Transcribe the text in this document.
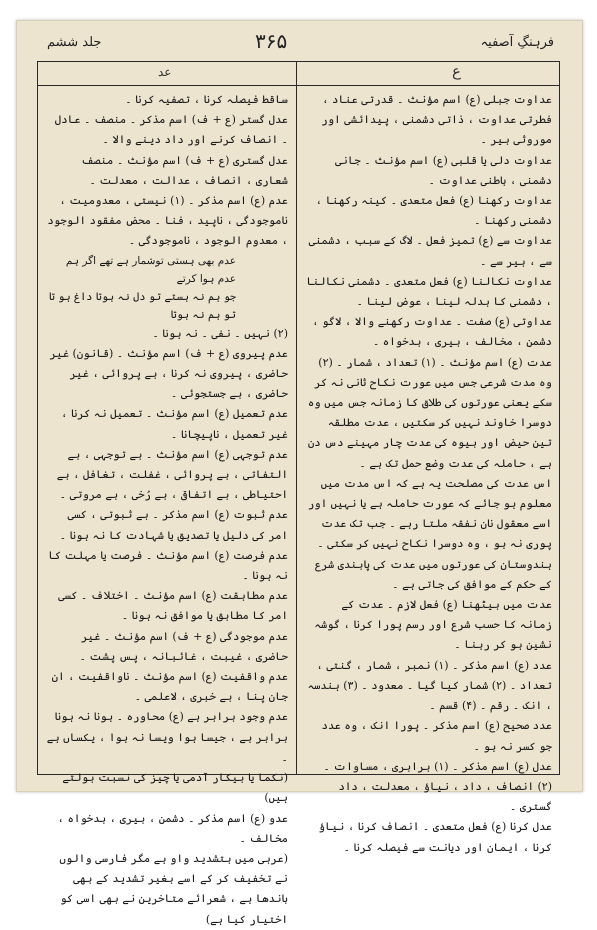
جلد ششم	۳۶۵	فرہنگِ آصفیہ
عد	ع

ساقط فیصلہ کرنا ، تصفیہ کرنا ۔

عدل گستر (ع + ف) اسم مذکر ۔ منصف ۔ عادل ۔ انصاف کرنے اور داد دینے والا ۔

عدل گستری (ع + ف) اسم مؤنث ۔ منصف شعاری ، انصاف ، عدالت ، معدلت ۔

عدم (ع) اسم مذکر ۔ (۱) نیستی ، معدومیت ، ناموجودگی ، ناپید ، فنا ۔ محض مفقود الوجود ، معدوم الوجود ، ناموجودگی ۔

عدم بھی ہستی توشمار ہے تھے اگر ہم عدم ہوا کرتے

جو ہم نہ ہستے تو دل نہ ہوتا داغ ہو تا تو ہم نہ ہوتا

(۲) نہیں ۔ نفی ۔ نہ ہونا ۔

عدم پیروی (ع + ف) اسم مؤنث ۔ (قانون) غیر حاضری ، پیروی نہ کرنا ، بے پروائی ، غیر حاضری ، بے جستجوئی ۔

عدم تعمیل (ع) اسم مؤنث ۔ تعمیل نہ کرنا ، غیر تعمیل ، ناپیچانا ۔

عدم توجہی (ع) اسم مؤنث ۔ بے توجہی ، بے التفاتی ، بے پروائی ، غفلت ، تغافل ، بے احتیاطی ، بے اتفاقی ، بے رُخی ، بے مروتی ۔

عدم ثبوت (ع) اسم مذکر ۔ بے ثبوتی ، کسی امر کی دلیل یا تصدیق یا شہادت کا نہ ہونا ۔

عدم فرصت (ع) اسم مؤنث ۔ فرصت یا مہلت کا نہ ہونا ۔

عدم مطابقت (ع) اسم مؤنث ۔ اختلاف ۔ کسی امر کا مطابق یا موافق نہ ہونا ۔

عدم موجودگی (ع + ف) اسم مؤنث ۔ غیر حاضری ، غیبت ، غائبانہ ، پس پشت ۔

عدم واقفیت (ع) اسم مؤنث ۔ ناواقفیت ، ان جان پنا ، بے خبری ، لاعلمی ۔

عدم وجود برابر ہے (ع) محاورہ ۔ ہونا نہ ہونا برابر ہے ، جیسا ہوا ویسا نہ ہوا ، یکساں ہے ۔

(نکما یا بیکار آدمی یا چیز کی نسبت بولتے ہیں)

عدو (ع) اسم مذکر ۔ دشمن ، بیری ، بدخواہ ، مخالف ۔

(عربی میں بتشدید واو ہے مگر فارسی والوں نے تخفیف کر کے اسے بغیر تشدید کے بھی باندھا ہے ، شعرائے متاخرین نے بھی اسی کو اختیار کیا ہے)

عداوت جبلی (ع) اسم مؤنث ۔ قدرتی عناد ، فطرتی عداوت ، ذاتی دشمنی ، پیدائشی اور موروثی بیر ۔

عداوت دلی یا قلبی (ع) اسم مؤنث ۔ جانی دشمنی ، باطنی عداوت ۔

عداوت رکھنا (ع) فعل متعدی ۔ کینہ رکھنا ، دشمنی رکھنا ۔

عداوت سے (ع) تمیز فعل ۔ لاگ کے سبب ، دشمنی سے ، بیر سے ۔

عداوت نکالنا (ع) فعل متعدی ۔ دشمنی نکالنا ، دشمنی کا بدلہ لینا ، عوض لینا ۔

عداوتی (ع) صفت ۔ عداوت رکھنے والا ، لاگو ، دشمن ، مخالف ، بیری ، بدخواہ ۔

عدت (ع) اسم مؤنث ۔ (۱) تعداد ، شمار ۔ (۲) وہ مدت شرعی جس میں عورت نکاح ثانی نہ کر سکے یعنی عورتوں کی طلاق کا زمانہ جس میں وہ دوسرا خاوند نہیں کر سکتیں ، عدت مطلقہ تین حیض اور بیوہ کی عدت چار مہینے دس دن ہے ، حاملہ کی عدت وضع حمل تک ہے ۔

اس عدت کی مصلحت یہ ہے کہ اس مدت میں معلوم ہو جائے کہ عورت حاملہ ہے یا نہیں اور اسے معقول نان نفقہ ملتا رہے ۔ جب تک عدت پوری نہ ہو ، وہ دوسرا نکاح نہیں کر سکتی ۔ ہندوستان کی عورتوں میں عدت کی پابندی شرع کے حکم کے موافق کی جاتی ہے ۔

عدت میں بیٹھنا (ع) فعل لازم ۔ عدت کے زمانہ کا حسب شرع اور رسم پورا کرنا ، گوشہ نشین ہو کر رہنا ۔

عدد (ع) اسم مذکر ۔ (۱) نمبر ، شمار ، گنتی ، تعداد ۔ (۲) شمار کیا گیا ۔ معدود ۔ (۳) ہندسہ ، انک ۔ رقم ۔ (۴) قسم ۔

عدد صحیح (ع) اسم مذکر ۔ پورا انک ، وہ عدد جو کسر نہ ہو ۔

عدل (ع) اسم مذکر ۔ (۱) برابری ، مساوات ۔ (۲) انصاف ، داد ، نیاؤ ، معدلت ، داد گستری ۔

عدل کرنا (ع) فعل متعدی ۔ انصاف کرنا ، نیاؤ کرنا ، ایمان اور دیانت سے فیصلہ کرنا ۔
